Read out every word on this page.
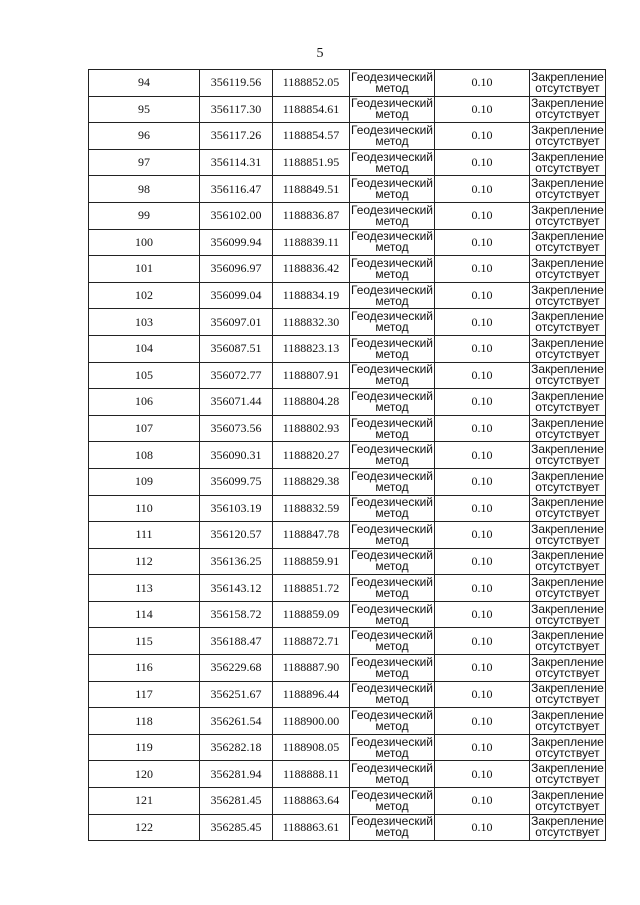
5
94	356119.56	1188852.05	Геодезический
метод	0.10	Закрепление
отсутствует

95	356117.30	1188854.61	Геодезический
метод	0.10	Закрепление
отсутствует

96	356117.26	1188854.57	Геодезический
метод	0.10	Закрепление
отсутствует

97	356114.31	1188851.95	Геодезический
метод	0.10	Закрепление
отсутствует

98	356116.47	1188849.51	Геодезический
метод	0.10	Закрепление
отсутствует

99	356102.00	1188836.87	Геодезический
метод	0.10	Закрепление
отсутствует

100	356099.94	1188839.11	Геодезический
метод	0.10	Закрепление
отсутствует

101	356096.97	1188836.42	Геодезический
метод	0.10	Закрепление
отсутствует

102	356099.04	1188834.19	Геодезический
метод	0.10	Закрепление
отсутствует

103	356097.01	1188832.30	Геодезический
метод	0.10	Закрепление
отсутствует

104	356087.51	1188823.13	Геодезический
метод	0.10	Закрепление
отсутствует

105	356072.77	1188807.91	Геодезический
метод	0.10	Закрепление
отсутствует

106	356071.44	1188804.28	Геодезический
метод	0.10	Закрепление
отсутствует

107	356073.56	1188802.93	Геодезический
метод	0.10	Закрепление
отсутствует

108	356090.31	1188820.27	Геодезический
метод	0.10	Закрепление
отсутствует

109	356099.75	1188829.38	Геодезический
метод	0.10	Закрепление
отсутствует

110	356103.19	1188832.59	Геодезический
метод	0.10	Закрепление
отсутствует

111	356120.57	1188847.78	Геодезический
метод	0.10	Закрепление
отсутствует

112	356136.25	1188859.91	Геодезический
метод	0.10	Закрепление
отсутствует

113	356143.12	1188851.72	Геодезический
метод	0.10	Закрепление
отсутствует

114	356158.72	1188859.09	Геодезический
метод	0.10	Закрепление
отсутствует

115	356188.47	1188872.71	Геодезический
метод	0.10	Закрепление
отсутствует

116	356229.68	1188887.90	Геодезический
метод	0.10	Закрепление
отсутствует

117	356251.67	1188896.44	Геодезический
метод	0.10	Закрепление
отсутствует

118	356261.54	1188900.00	Геодезический
метод	0.10	Закрепление
отсутствует

119	356282.18	1188908.05	Геодезический
метод	0.10	Закрепление
отсутствует

120	356281.94	1188888.11	Геодезический
метод	0.10	Закрепление
отсутствует

121	356281.45	1188863.64	Геодезический
метод	0.10	Закрепление
отсутствует

122	356285.45	1188863.61	Геодезический
метод	0.10	Закрепление
отсутствует
